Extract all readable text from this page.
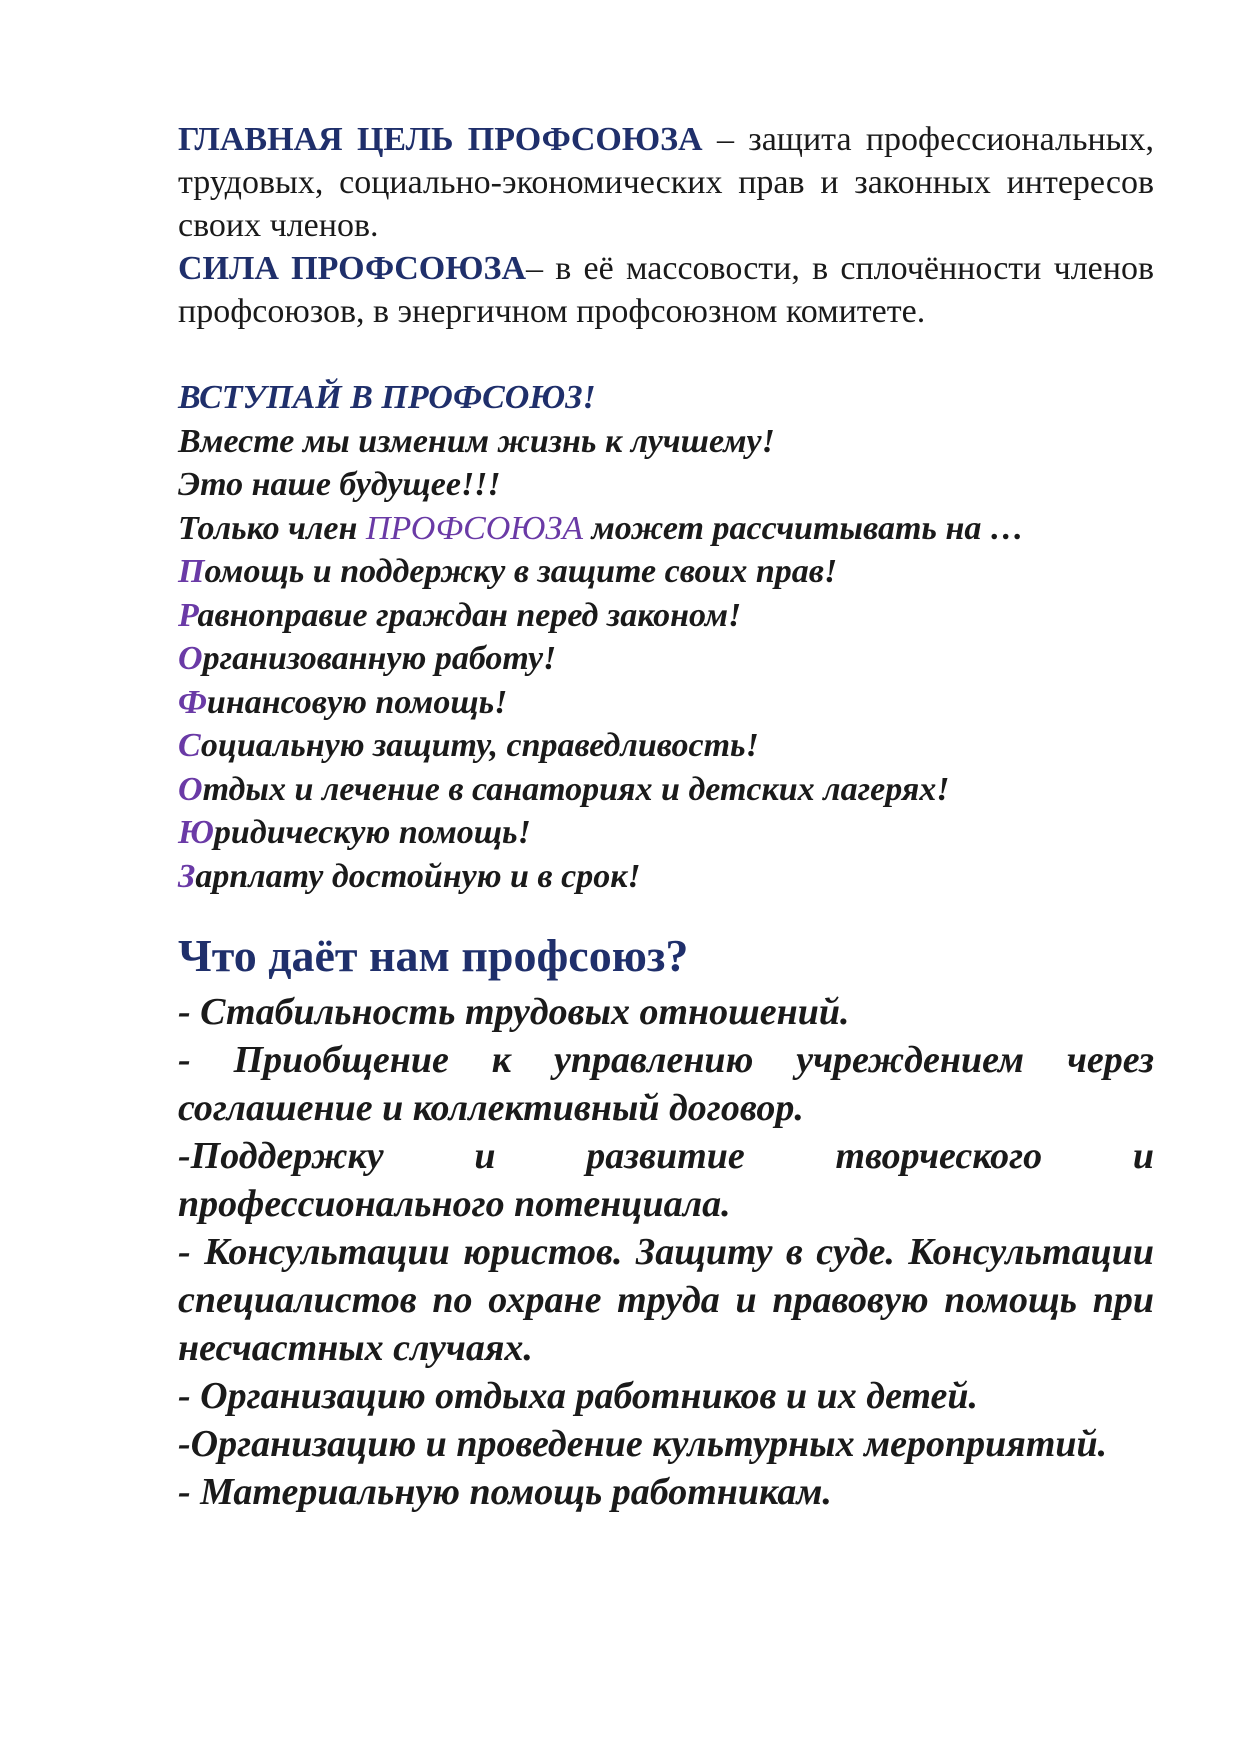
ГЛАВНАЯ ЦЕЛЬ ПРОФСОЮЗА – защита профессиональных, трудовых, социально-экономических прав и законных интересов своих членов.

СИЛА ПРОФСОЮЗА– в её массовости, в сплочённости членов профсоюзов, в энергичном профсоюзном комитете.

ВСТУПАЙ В ПРОФСОЮЗ!
Вместе мы изменим жизнь к лучшему!
Это наше будущее!!!
Только член ПРОФСОЮЗА может рассчитывать на …
Помощь и поддержку в защите своих прав!
Равноправие граждан перед законом!
Организованную работу!
Финансовую помощь!
Социальную защиту, справедливость!
Отдых и лечение в санаториях и детских лагерях!
Юридическую помощь!
Зарплату достойную и в срок!
Что даёт нам профсоюз?

- Стабильность трудовых отношений.

- Приобщение к управлению учреждением через соглашение и коллективный договор.

-Поддержку и развитие творческого и профессионального потенциала.

- Консультации юристов. Защиту в суде. Консультации специалистов по охране труда и правовую помощь при несчастных случаях.

- Организацию отдыха работников и их детей.

-Организацию и проведение культурных мероприятий.

- Материальную помощь работникам.
